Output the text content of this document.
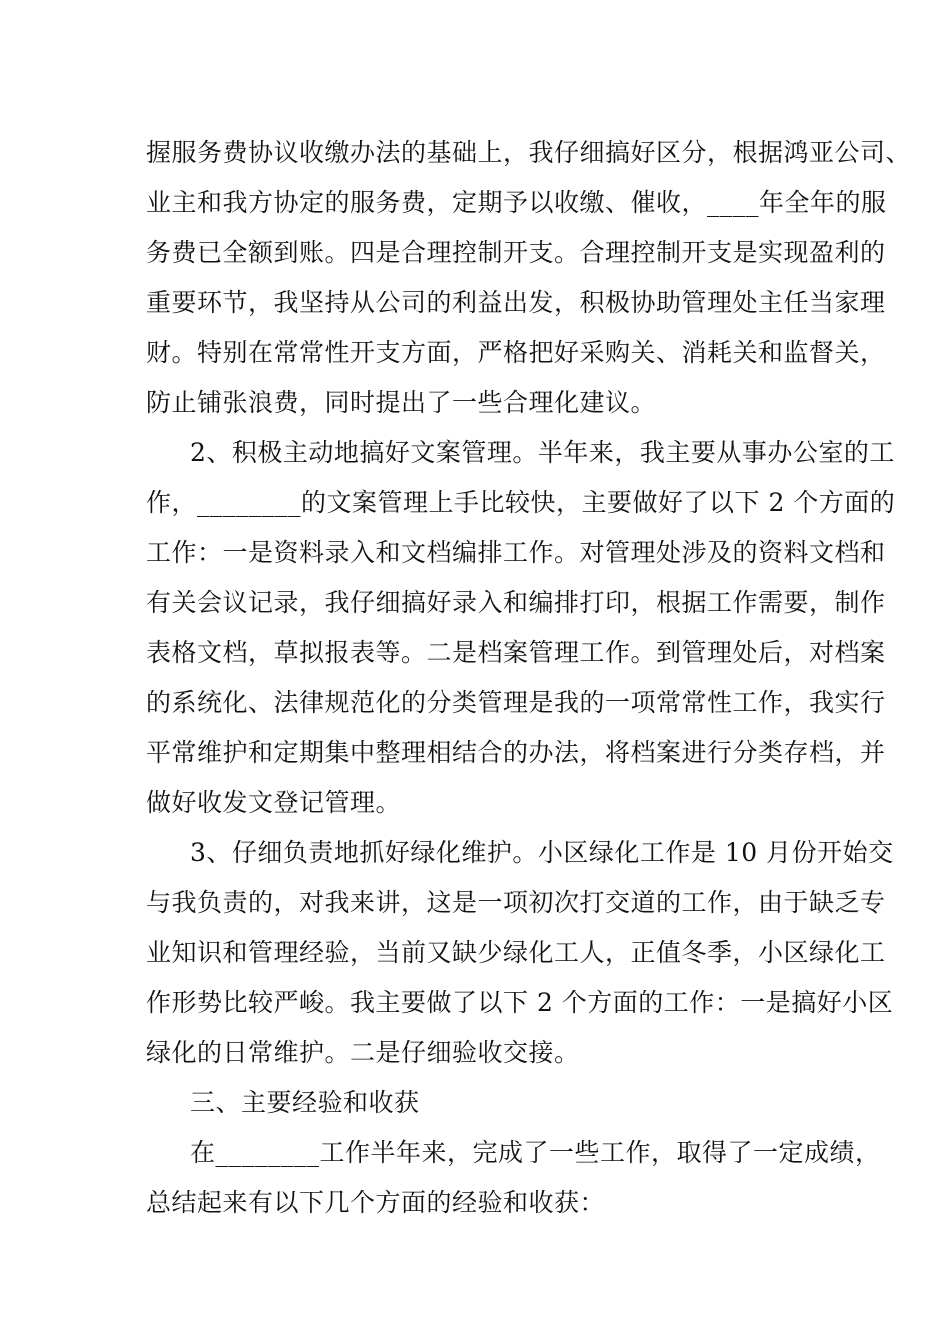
握服务费协议收缴办法的基础上，我仔细搞好区分，根据鸿亚公司、
业主和我方协定的服务费，定期予以收缴、催收，____年全年的服
务费已全额到账。四是合理控制开支。合理控制开支是实现盈利的
重要环节，我坚持从公司的利益出发，积极协助管理处主任当家理
财。特别在常常性开支方面，严格把好采购关、消耗关和监督关，
防止铺张浪费，同时提出了一些合理化建议。
2、积极主动地搞好文案管理。半年来，我主要从事办公室的工
作，________的文案管理上手比较快，主要做好了以下 2 个方面的
工作：一是资料录入和文档编排工作。对管理处涉及的资料文档和
有关会议记录，我仔细搞好录入和编排打印，根据工作需要，制作
表格文档，草拟报表等。二是档案管理工作。到管理处后，对档案
的系统化、法律规范化的分类管理是我的一项常常性工作，我实行
平常维护和定期集中整理相结合的办法，将档案进行分类存档，并
做好收发文登记管理。
3、仔细负责地抓好绿化维护。小区绿化工作是 10 月份开始交
与我负责的，对我来讲，这是一项初次打交道的工作，由于缺乏专
业知识和管理经验，当前又缺少绿化工人，正值冬季，小区绿化工
作形势比较严峻。我主要做了以下 2 个方面的工作：一是搞好小区
绿化的日常维护。二是仔细验收交接。
三、主要经验和收获
在________工作半年来，完成了一些工作，取得了一定成绩，
总结起来有以下几个方面的经验和收获：
